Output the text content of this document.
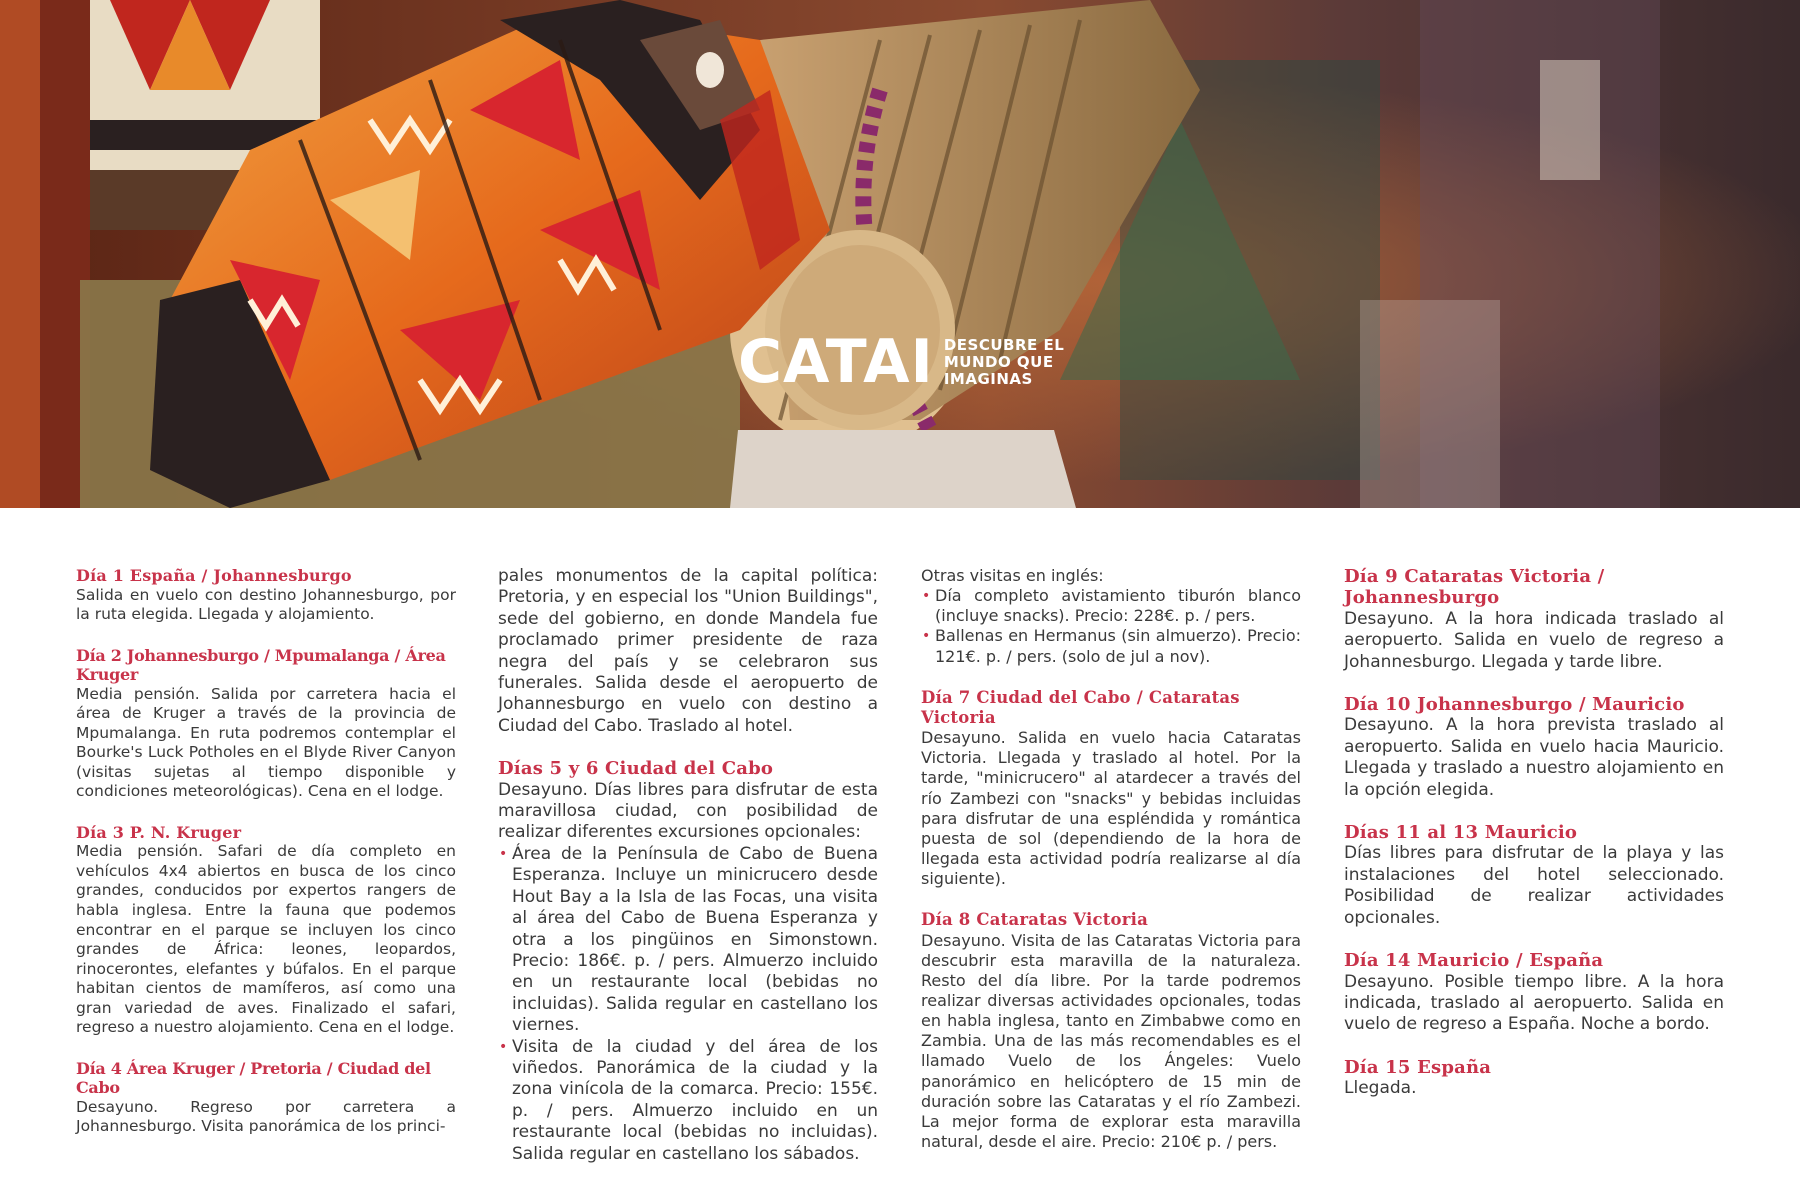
CATAI DESCUBRE EL
MUNDO QUE
IMAGINAS
Día 1 España / Johannesburgo
Salida en vuelo con destino Johannesburgo, por la ruta elegida. Llegada y alojamiento.
Día 2 Johannesburgo / Mpumalanga / Área Kruger
Media pensión. Salida por carretera hacia el área de Kruger a través de la provincia de Mpumalanga. En ruta podremos contemplar el Bourke's Luck Potholes en el Blyde River Canyon (visitas sujetas al tiempo disponible y condiciones meteorológicas). Cena en el lodge.
Día 3 P. N. Kruger
Media pensión. Safari de día completo en vehículos 4x4 abiertos en busca de los cinco grandes, conducidos por expertos rangers de habla inglesa. Entre la fauna que podemos encontrar en el parque se incluyen los cinco grandes de África: leones, leopardos, rinocerontes, elefantes y búfalos. En el parque habitan cientos de mamíferos, así como una gran variedad de aves. Finalizado el safari, regreso a nuestro alojamiento. Cena en el lodge.
Día 4 Área Kruger / Pretoria / Ciudad del Cabo
Desayuno. Regreso por carretera a Johannesburgo. Visita panorámica de los princi-
pales monumentos de la capital política: Pretoria, y en especial los "Union Buildings", sede del gobierno, en donde Mandela fue proclamado primer presidente de raza negra del país y se celebraron sus funerales. Salida desde el aeropuerto de Johannesburgo en vuelo con destino a Ciudad del Cabo. Traslado al hotel.
Días 5 y 6 Ciudad del Cabo
Desayuno. Días libres para disfrutar de esta maravillosa ciudad, con posibilidad de realizar diferentes excursiones opcionales:
• Área de la Península de Cabo de Buena Esperanza. Incluye un minicrucero desde Hout Bay a la Isla de las Focas, una visita al área del Cabo de Buena Esperanza y otra a los pingüinos en Simonstown. Precio: 186€. p. / pers. Almuerzo incluido en un restaurante local (bebidas no incluidas). Salida regular en castellano los viernes.
• Visita de la ciudad y del área de los viñedos. Panorámica de la ciudad y la zona vinícola de la comarca. Precio: 155€. p. / pers. Almuerzo incluido en un restaurante local (bebidas no incluidas). Salida regular en castellano los sábados.
Otras visitas en inglés:
• Día completo avistamiento tiburón blanco (incluye snacks). Precio: 228€. p. / pers.
• Ballenas en Hermanus (sin almuerzo). Precio: 121€. p. / pers. (solo de jul a nov).
Día 7 Ciudad del Cabo / Cataratas Victoria
Desayuno. Salida en vuelo hacia Cataratas Victoria. Llegada y traslado al hotel. Por la tarde, "minicrucero" al atardecer a través del río Zambezi con "snacks" y bebidas incluidas para disfrutar de una espléndida y romántica puesta de sol (dependiendo de la hora de llegada esta actividad podría realizarse al día siguiente).
Día 8 Cataratas Victoria
Desayuno. Visita de las Cataratas Victoria para descubrir esta maravilla de la naturaleza. Resto del día libre. Por la tarde podremos realizar diversas actividades opcionales, todas en habla inglesa, tanto en Zimbabwe como en Zambia. Una de las más recomendables es el llamado Vuelo de los Ángeles: Vuelo panorámico en helicóptero de 15 min de duración sobre las Cataratas y el río Zambezi. La mejor forma de explorar esta maravilla natural, desde el aire. Precio: 210€ p. / pers.
Día 9 Cataratas Victoria / Johannesburgo
Desayuno. A la hora indicada traslado al aeropuerto. Salida en vuelo de regreso a Johannesburgo. Llegada y tarde libre.
Día 10 Johannesburgo / Mauricio
Desayuno. A la hora prevista traslado al aeropuerto. Salida en vuelo hacia Mauricio. Llegada y traslado a nuestro alojamiento en la opción elegida.
Días 11 al 13 Mauricio
Días libres para disfrutar de la playa y las instalaciones del hotel seleccionado. Posibilidad de realizar actividades opcionales.
Día 14 Mauricio / España
Desayuno. Posible tiempo libre. A la hora indicada, traslado al aeropuerto. Salida en vuelo de regreso a España. Noche a bordo.
Día 15 España
Llegada.
